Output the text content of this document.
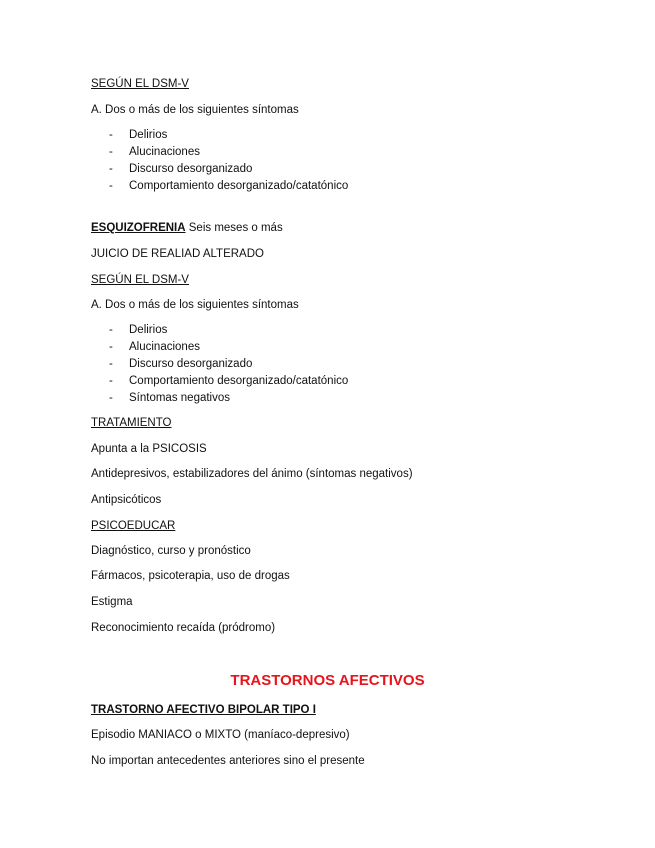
SEGÚN EL DSM-V
A. Dos o más de los siguientes síntomas
- Delirios
- Alucinaciones
- Discurso desorganizado
- Comportamiento desorganizado/catatónico
ESQUIZOFRENIA Seis meses o más
JUICIO DE REALIAD ALTERADO
SEGÚN EL DSM-V
A. Dos o más de los siguientes síntomas
- Delirios
- Alucinaciones
- Discurso desorganizado
- Comportamiento desorganizado/catatónico
- Síntomas negativos
TRATAMIENTO
Apunta a la PSICOSIS
Antidepresivos, estabilizadores del ánimo (síntomas negativos)
Antipsicóticos
PSICOEDUCAR
Diagnóstico, curso y pronóstico
Fármacos, psicoterapia, uso de drogas
Estigma
Reconocimiento recaída (pródromo)
TRASTORNOS AFECTIVOS
TRASTORNO AFECTIVO BIPOLAR TIPO I
Episodio MANIACO o MIXTO (maníaco-depresivo)
No importan antecedentes anteriores sino el presente
